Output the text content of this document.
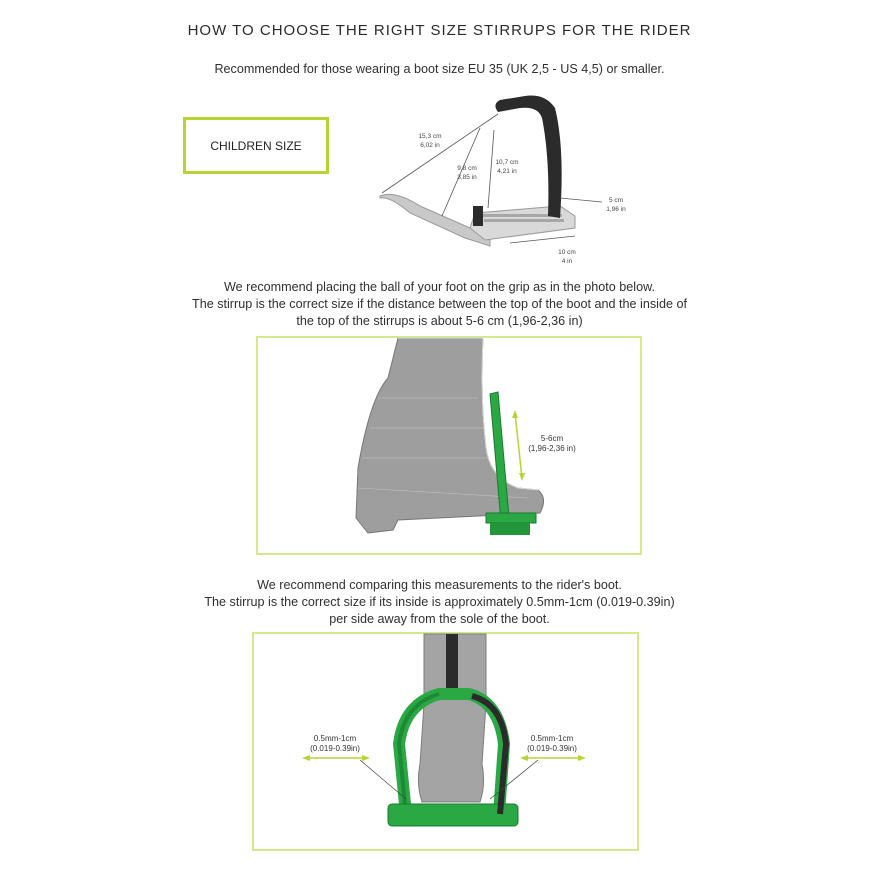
HOW TO CHOOSE THE RIGHT SIZE STIRRUPS FOR THE RIDER
Recommended for those wearing a boot size EU 35 (UK 2,5 - US 4,5) or smaller.
CHILDREN SIZE
15,3 cm
6,02 in
9,8 cm
3,85 in
10,7 cm
4,21 in
5 cm
1,96 in
10 cm
4 in
We recommend placing the ball of your foot on the grip as in the photo below.
The stirrup is the correct size if the distance between the top of the boot and the inside of
the top of the stirrups is about 5-6 cm (1,96-2,36 in)
5-6cm
(1,96-2,36 in)
We recommend comparing this measurements to the rider's boot.
The stirrup is the correct size if its inside is approximately 0.5mm-1cm (0.019-0.39in)
per side away from the sole of the boot.
0.5mm-1cm
(0.019-0.39in)
0.5mm-1cm
(0.019-0.39in)
